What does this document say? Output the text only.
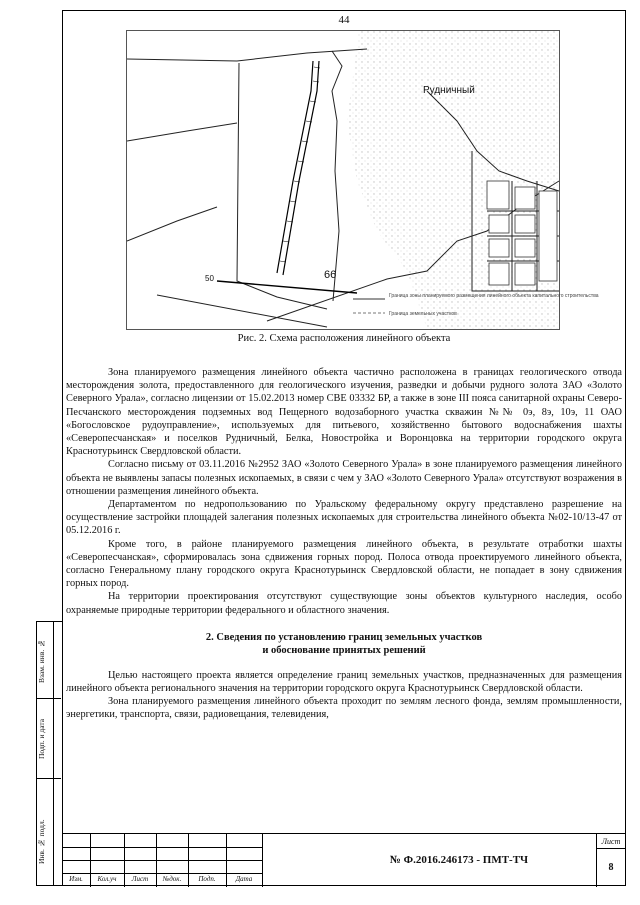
44
Рудничный
66
50
Граница зоны планируемого размещения линейного объекта капитального строительства
Граница земельных участков
Рис. 2. Схема расположения линейного объекта

Зона планируемого размещения линейного объекта частично расположена в границах геологического отвода месторождения золота, предоставленного для геологического изучения, разведки и добычи рудного золота ЗАО «Золото Северного Урала», согласно лицензии от 15.02.2013 номер СВЕ 03332 БР, а также в зоне III пояса санитарной охраны Северо-Песчанского месторождения подземных вод Пещерного водозаборного участка скважин №№ 0э, 8э, 10э, 11 ОАО «Богословское рудоуправление», используемых для питьевого, хозяйственно бытового водоснабжения шахты «Северопесчанская» и поселков Рудничный, Белка, Новостройка и Воронцовка на территории городского округа Краснотурьинск Свердловской области.

Согласно письму от 03.11.2016 №2952 ЗАО «Золото Северного Урала» в зоне планируемого размещения линейного объекта не выявлены запасы полезных ископаемых, в связи с чем у ЗАО «Золото Северного Урала» отсутствуют возражения в отношении размещения линейного объекта.

Департаментом по недропользованию по Уральскому федеральному округу представлено разрешение на осуществление застройки площадей залегания полезных ископаемых для строительства линейного объекта №02-10/13-47 от 05.12.2016 г.

Кроме того, в районе планируемого размещения линейного объекта, в результате отработки шахты «Северопесчанская», сформировалась зона сдвижения горных пород. Полоса отвода проектируемого линейного объекта, согласно Генеральному плану городского округа Краснотурьинск Свердловской области, не попадает в зону сдвижения горных пород.

На территории проектирования отсутствуют существующие зоны объектов культурного наследия, особо охраняемые природные территории федерального и областного значения.

2. Сведения по установлению границ земельных участков
и обоснование принятых решений

Целью настоящего проекта является определение границ земельных участков, предназначенных для размещения линейного объекта регионального значения на территории городского округа Краснотурьинск Свердловской области.

Зона планируемого размещения линейного объекта проходит по землям лесного фонда, землям промышленности, энергетики, транспорта, связи, радиовещания, телевидения,

Взам. инв. №
Подп. и дата
Инв. № подл.
Изм.	Кол.уч	Лист	№док.	Подп.	Дата
№ Ф.2016.246173 - ПМТ-ТЧ
Лист
8
